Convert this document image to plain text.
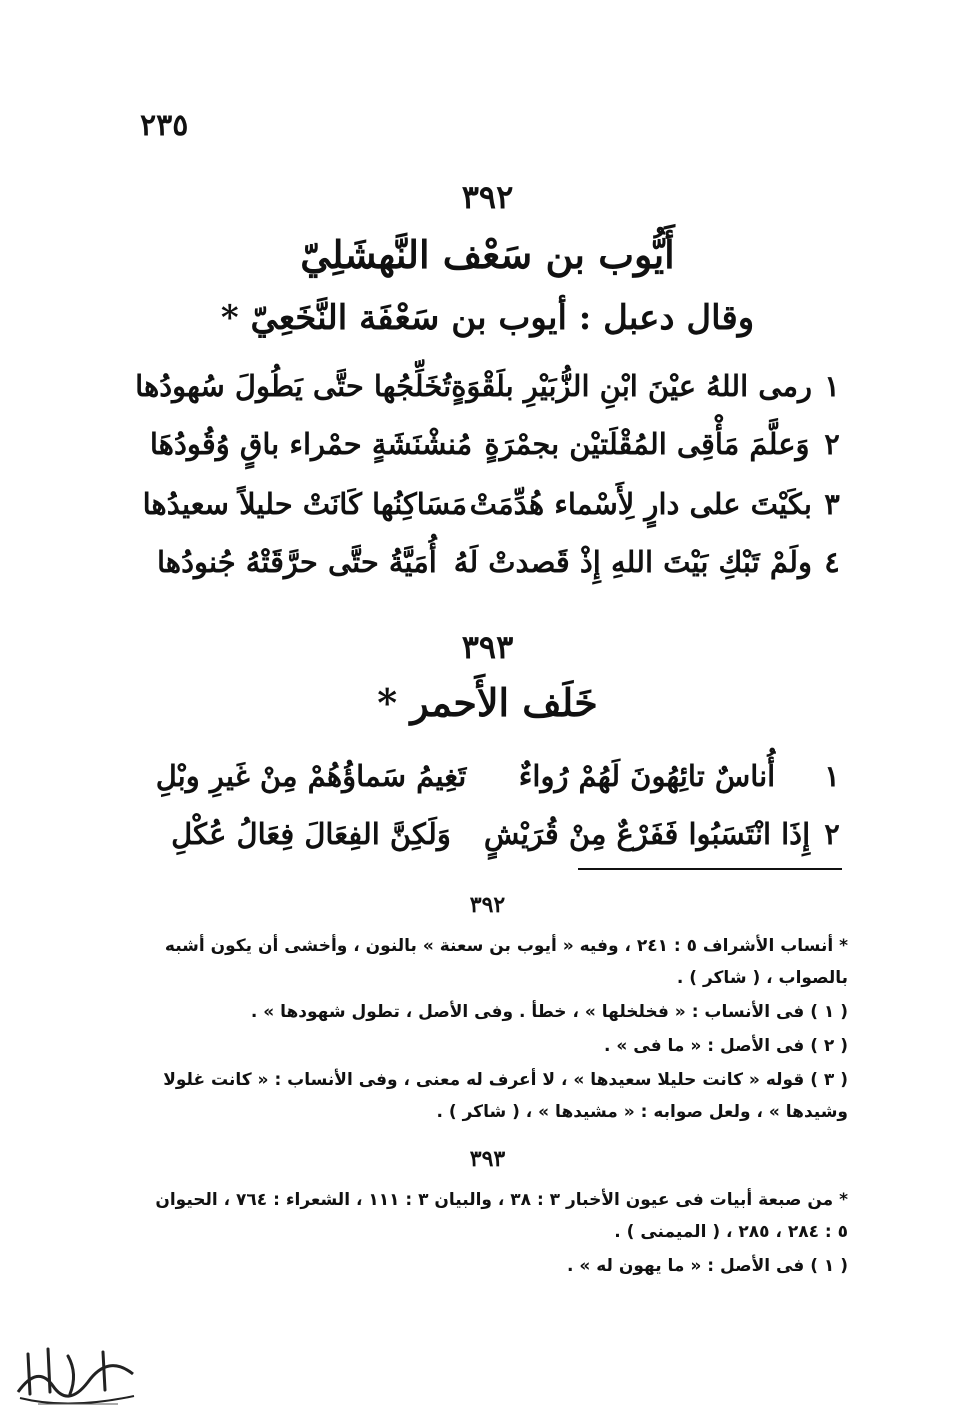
٢٣٥
٣٩٢
أَيُّوب بن سَعْف النَّهشَلِيّ
وقال دعبل : أيوب بن سَعْفَة النَّخَعِيّ *
١
رمى اللهُ عيْنَ ابْنِ الزُّبَيْرِ بلَقْوَةٍ
تُخَلِّجُها حتَّى يَطُولَ سُهودُها
٢
وَعلَّمَ مَأْقِى المُقْلَتيْن بجمْرَةٍ
مُنشْنَشَةٍ حمْراء باقٍ وُقُودُهَا
٣
بكَيْتَ على دارٍ لِأَسْماء هُدِّمَتْ
مَسَاكِنُها كَانَتْ حليلاً سعيدُها
٤
ولَمْ تَبْكِ بَيْتَ اللهِ إِذْ قَصدتْ لَهُ
أُمَيَّةُ حتَّى حرَّقَتْهُ جُنودُها
٣٩٣
خَلَف الأَحمر *
١
أُناسٌ تائِهُونَ لَهُمْ رُواءٌ
تَغِيمُ سَماؤُهُمْ مِنْ غَيرِ وبْلِ
٢
إِذَا انْتَسَبُوا فَفَرْعٌ مِنْ قُرَيْشٍ
وَلَكِنَّ الفِعَالَ فِعَالُ عُكْلِ
٣٩٢
* أنساب الأشراف ٥ : ٢٤١ ، وفيه « أيوب بن سعنة » بالنون ، وأخشى أن يكون أشبه بالصواب ، ( شاكر ) .
( ١ ) فى الأنساب : « فخلخلها » ، خطأ . وفى الأصل ، تطول شهودها » .
( ٢ ) فى الأصل : « ما فى » .
( ٣ ) قوله « كانت حليلا سعيدها » ، لا أعرف له معنى ، وفى الأنساب : « كانت غلولا وشيدها » ، ولعل صوابه : « مشيدها » ، ( شاكر ) .
٣٩٣
* من صبعة أبيات فى عيون الأخبار ٣ : ٣٨ ، والبيان ٣ : ١١١ ، الشعراء : ٧٦٤ ، الحيوان ٥ : ٢٨٤ ، ٢٨٥ ، ( الميمنى ) .
( ١ ) فى الأصل : « ما يهون له » .
